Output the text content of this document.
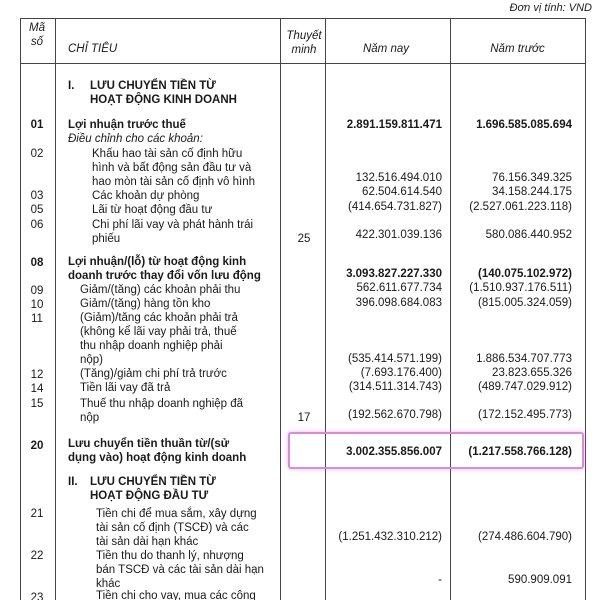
Đơn vị tính: VND
Mã
số
CHỈ TIÊU
Thuyết
minh	Năm nay	Năm trước
I. LƯU CHUYỂN TIỀN TỪ
HOẠT ĐỘNG KINH DOANH
01	Lợi nhuận trước thuế	2.891.159.811.471	1.696.585.085.694
Điều chỉnh cho các khoản:
02	Khấu hao tài sản cố định hữu
hình và bất động sản đầu tư và
hao mòn tài sản cố định vô hình	132.516.494.010	76.156.349.325
03	Các khoản dự phòng	62.504.614.540	34.158.244.175
05	Lãi từ hoạt động đầu tư	(414.654.731.827)	(2.527.061.223.118)
06	Chi phí lãi vay và phát hành trái
phiếu	25	422.301.039.136	580.086.440.952
08	Lợi nhuận/(lỗ) từ hoạt động kinh
doanh trước thay đổi vốn lưu động	3.093.827.227.330	(140.075.102.972)
09	Giảm/(tăng) các khoản phải thu	562.611.677.734	(1.510.937.176.511)
10	Giảm/(tăng) hàng tồn kho	396.098.684.083	(815.005.324.059)
11	(Giảm)/tăng các khoản phải trả
(không kể lãi vay phải trả, thuế
thu nhập doanh nghiệp phải
nộp)	(535.414.571.199)	1.886.534.707.773
12	(Tăng)/giảm chi phí trả trước	(7.693.176.400)	23.823.655.326
14	Tiền lãi vay đã trả	(314.511.314.743)	(489.747.029.912)
15	Thuế thu nhập doanh nghiệp đã
nộp	17	(192.562.670.798)	(172.152.495.773)
20	Lưu chuyển tiền thuần từ/(sử
dụng vào) hoạt động kinh doanh	3.002.355.856.007	(1.217.558.766.128)
II. LƯU CHUYỂN TIỀN TỪ
HOẠT ĐỘNG ĐẦU TƯ
21	Tiền chi để mua sắm, xây dựng
tài sản cố định (TSCĐ) và các
tài sản dài hạn khác	(1.251.432.310.212)	(274.486.604.790)
22	Tiền thu do thanh lý, nhượng
bán TSCĐ và các tài sản dài hạn
khác	-	590.909.091
23	Tiền chi cho vay, mua các công
